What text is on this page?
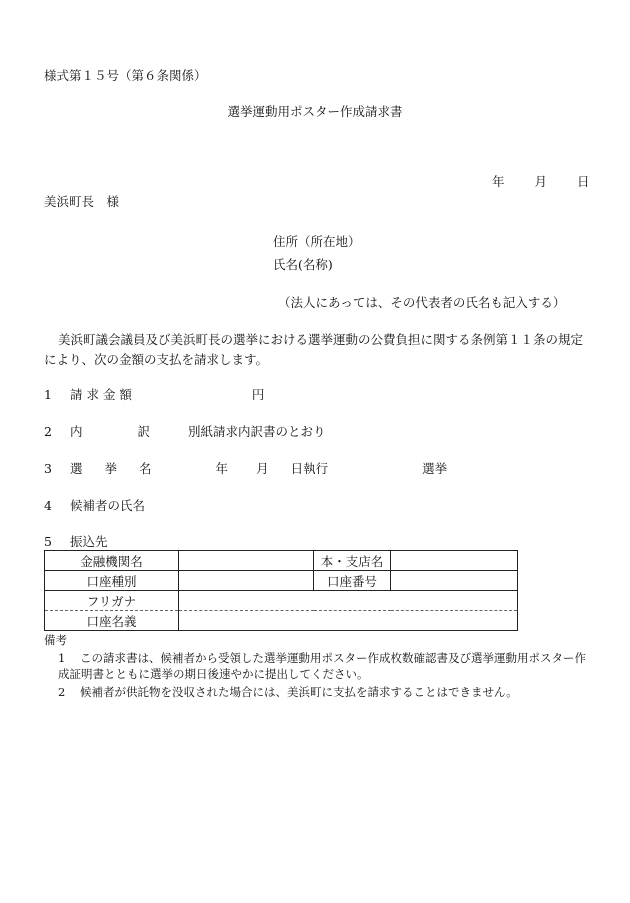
様式第１５号（第６条関係）
選挙運動用ポスター作成請求書
年 月 日
美浜町長　様
住所（所在地）
氏名(名称)
（法人にあっては、その代表者の氏名も記入する）
美浜町議会議員及び美浜町長の選挙における選挙運動の公費負担に関する条例第１１条の規定により、次の金額の支払を請求します。
1 請 求 金 額	円
2 内	訳	別紙請求内訳書のとおり
3 選 挙 名	年 月 日執行	選挙
4 候補者の氏名
5 振込先
金融機関名		本・支店名	
口座種別		口座番号	
フリガナ			
口座名義			
備考
1 この請求書は、候補者から受領した選挙運動用ポスター作成枚数確認書及び選挙運動用ポスター作成証明書とともに選挙の期日後速やかに提出してください。
2 候補者が供託物を没収された場合には、美浜町に支払を請求することはできません。
